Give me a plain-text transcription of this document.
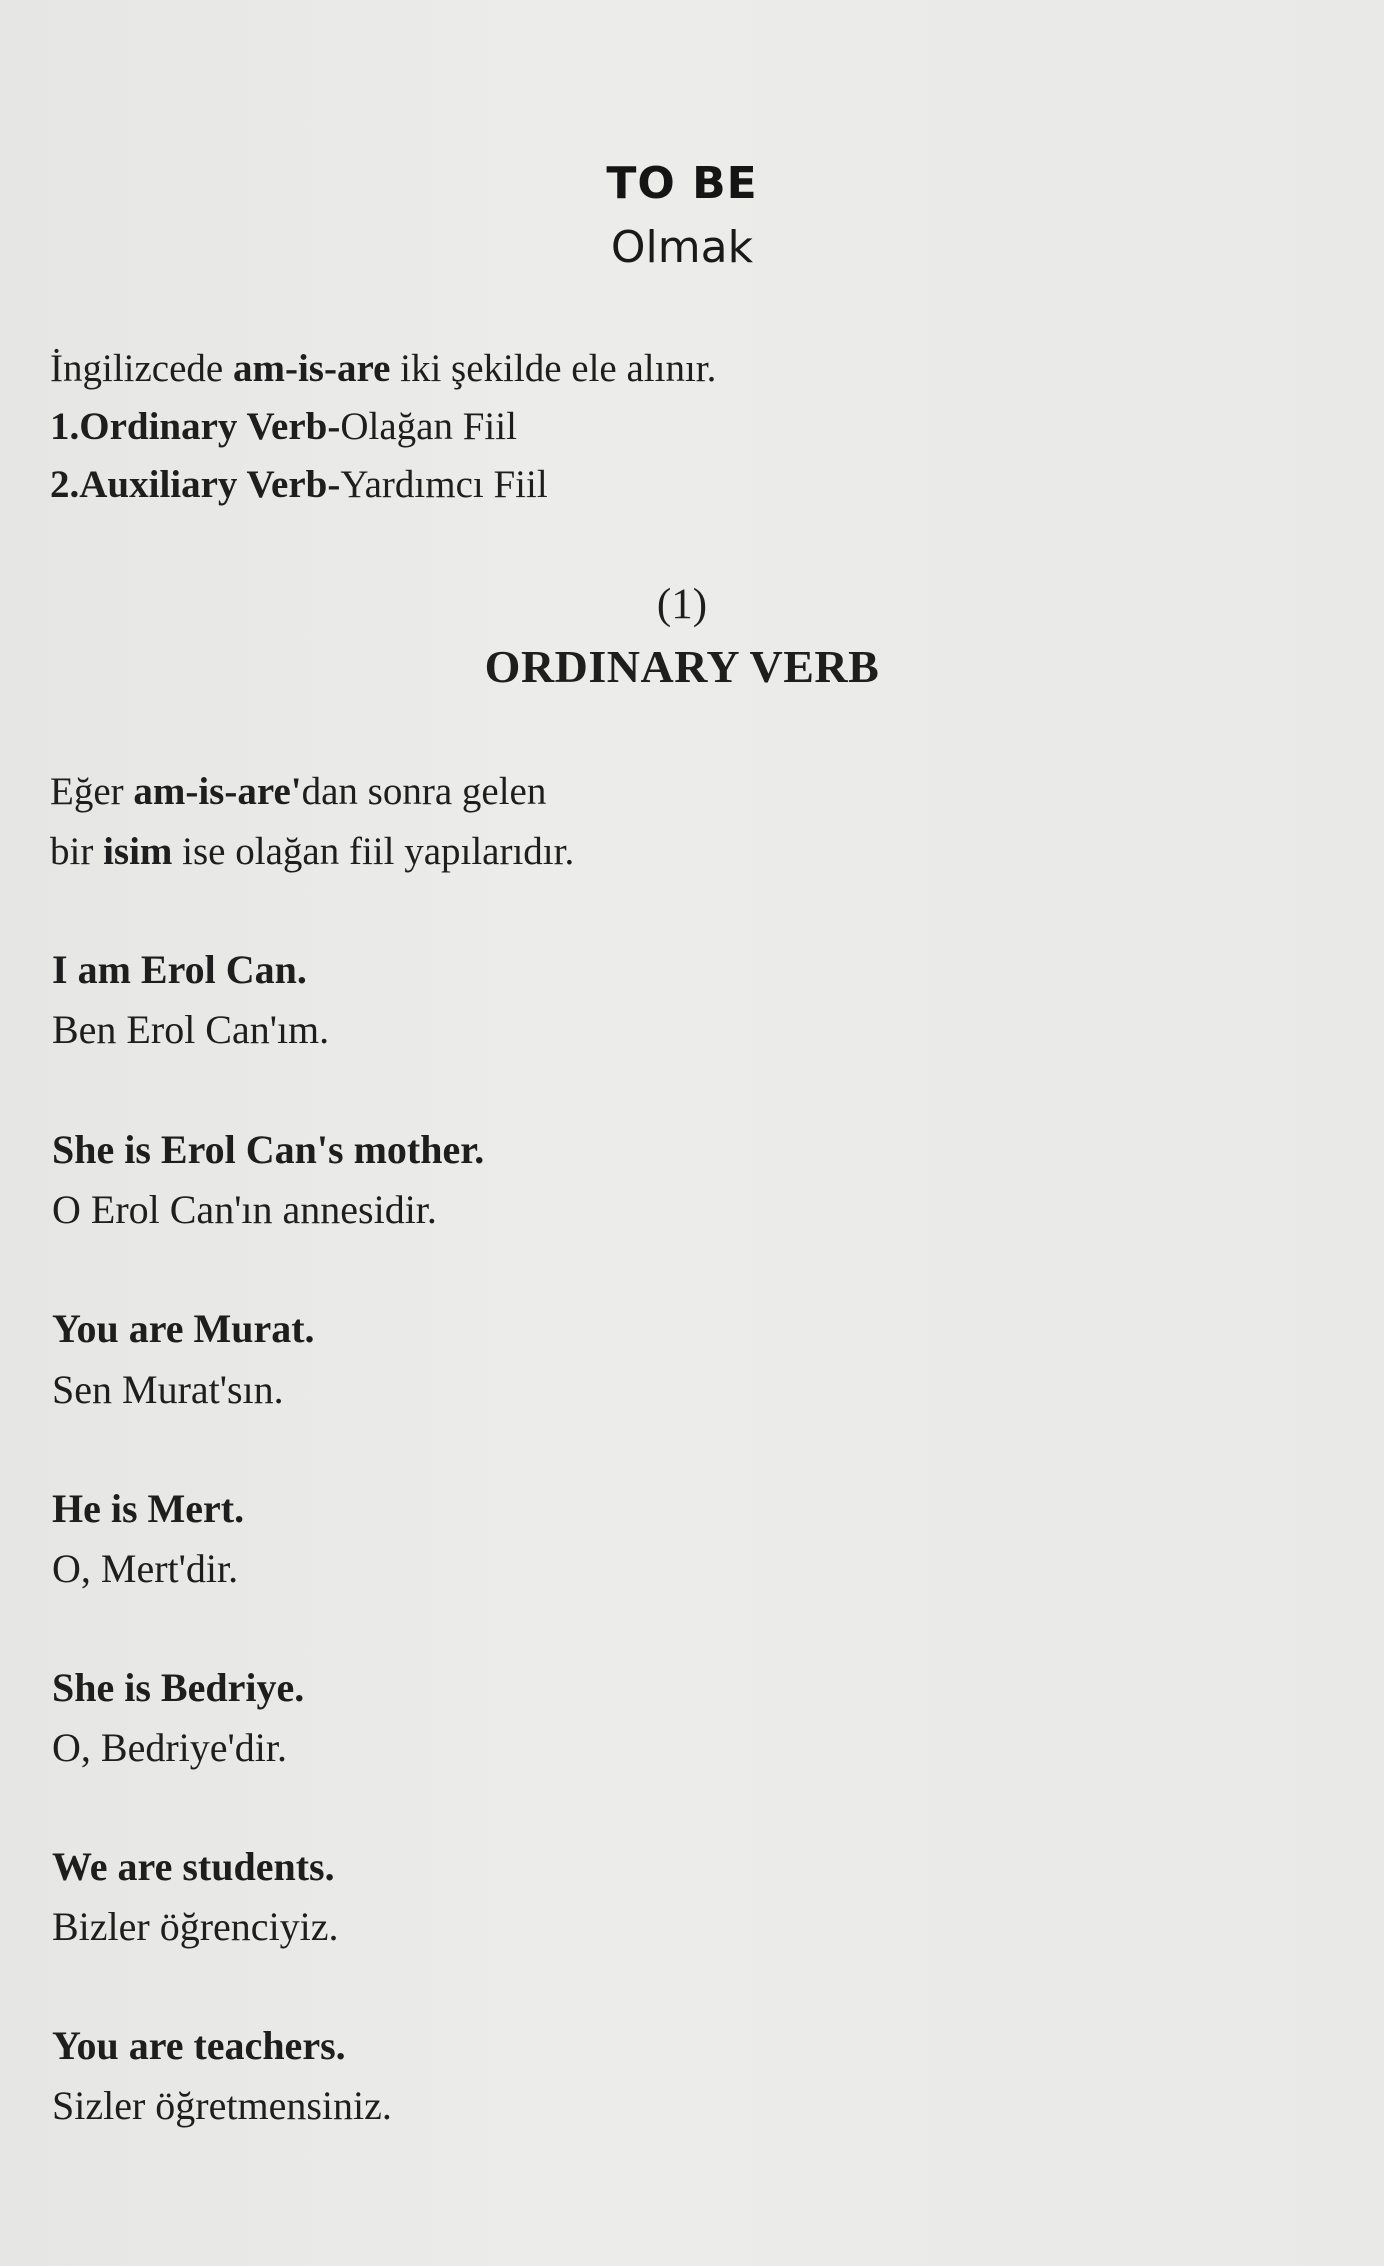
TO BE
Olmak
İngilizcede am-is-are iki şekilde ele alınır.
1.Ordinary Verb-Olağan Fiil
2.Auxiliary Verb-Yardımcı Fiil
(1)
ORDINARY VERB
Eğer am-is-are'dan sonra gelen
bir isim ise olağan fiil yapılarıdır.
I am Erol Can.
Ben Erol Can'ım.
She is Erol Can's mother.
O Erol Can'ın annesidir.
You are Murat.
Sen Murat'sın.
He is Mert.
O, Mert'dir.
She is Bedriye.
O, Bedriye'dir.
We are students.
Bizler öğrenciyiz.
You are teachers.
Sizler öğretmensiniz.
